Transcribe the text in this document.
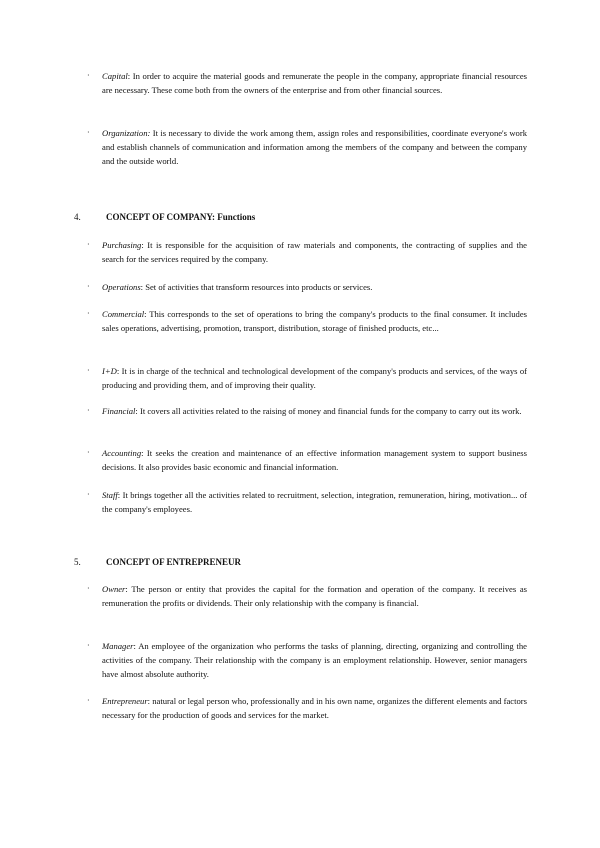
· Capital: In order to acquire the material goods and remunerate the people in the company, appropriate financial resources are necessary. These come both from the owners of the enterprise and from other financial sources.
· Organization: It is necessary to divide the work among them, assign roles and responsibilities, coordinate everyone's work and establish channels of communication and information among the members of the company and between the company and the outside world.
4.	CONCEPT OF COMPANY: Functions
· Purchasing: It is responsible for the acquisition of raw materials and components, the contracting of supplies and the search for the services required by the company.
· Operations: Set of activities that transform resources into products or services.
· Commercial: This corresponds to the set of operations to bring the company's products to the final consumer. It includes sales operations, advertising, promotion, transport, distribution, storage of finished products, etc...
· I+D: It is in charge of the technical and technological development of the company's products and services, of the ways of producing and providing them, and of improving their quality.
· Financial: It covers all activities related to the raising of money and financial funds for the company to carry out its work.
· Accounting: It seeks the creation and maintenance of an effective information management system to support business decisions. It also provides basic economic and financial information.
· Staff: It brings together all the activities related to recruitment, selection, integration, remuneration, hiring, motivation... of the company's employees.
5.	CONCEPT OF ENTREPRENEUR
· Owner: The person or entity that provides the capital for the formation and operation of the company. It receives as remuneration the profits or dividends. Their only relationship with the company is financial.
· Manager: An employee of the organization who performs the tasks of planning, directing, organizing and controlling the activities of the company. Their relationship with the company is an employment relationship. However, senior managers have almost absolute authority.
· Entrepreneur: natural or legal person who, professionally and in his own name, organizes the different elements and factors necessary for the production of goods and services for the market.
